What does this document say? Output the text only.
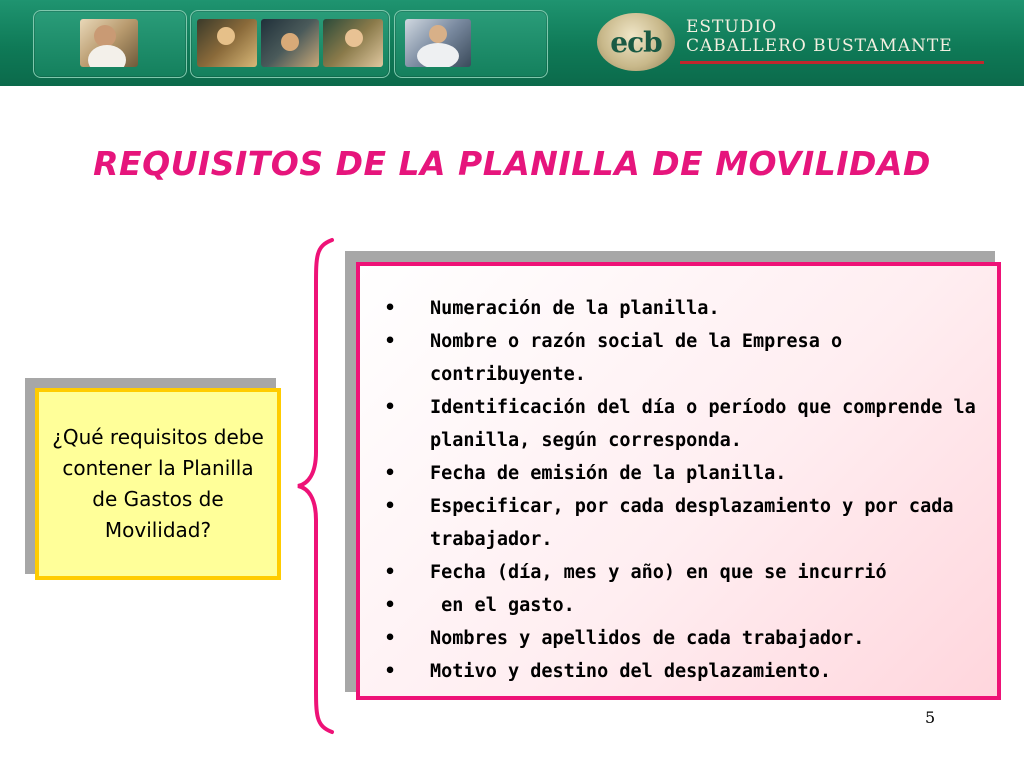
ecb ESTUDIO
CABALLERO BUSTAMANTE
REQUISITOS DE LA PLANILLA DE MOVILIDAD
¿Qué requisitos debe contener la Planilla de Gastos de Movilidad?
• Numeración de la planilla.
• Nombre o razón social de la Empresa o contribuyente.
• Identificación del día o período que comprende la planilla, según corresponda.
• Fecha de emisión de la planilla.
• Especificar, por cada desplazamiento y por cada trabajador.
• Fecha (día, mes y año) en que se incurrió
• en el gasto.
• Nombres y apellidos de cada trabajador.
• Motivo y destino del desplazamiento.
5
